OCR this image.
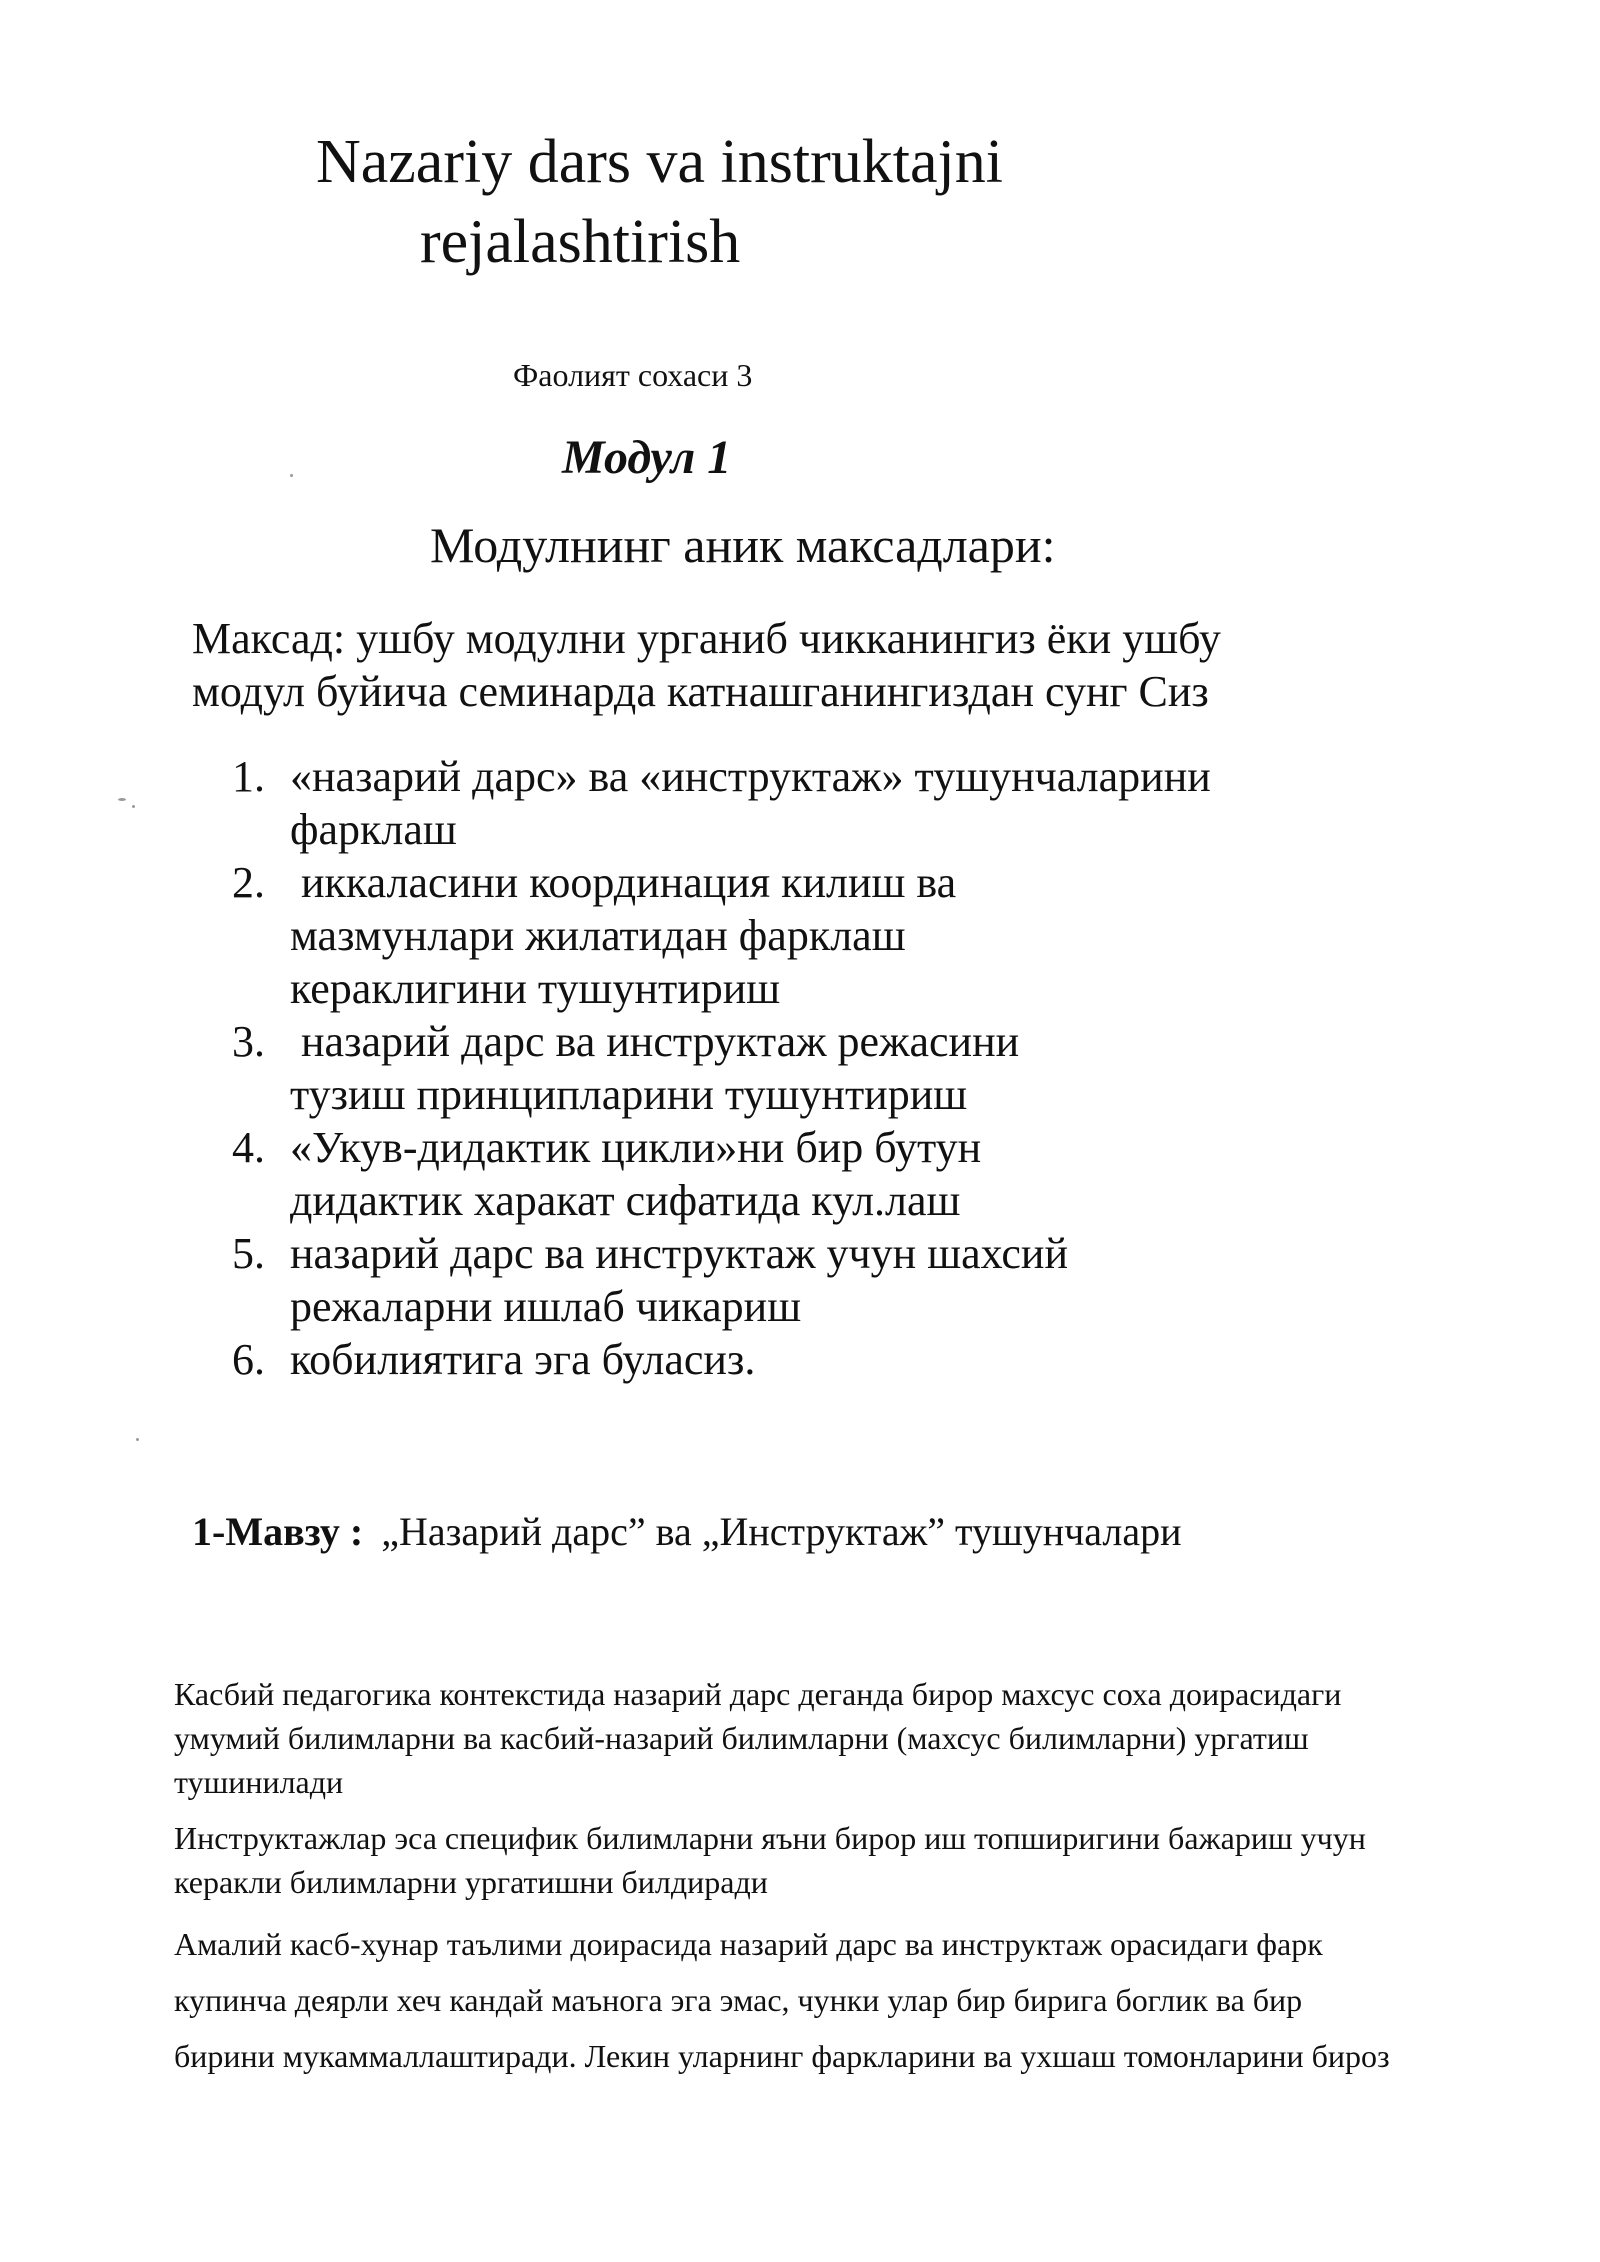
Nazariy dars va instruktajni
rejalashtirish
Фаолият сохаси 3
Модул 1
Модулнинг аник максадлари:
Максад: ушбу модулни урганиб чикканингиз ёки ушбу
модул буйича семинарда катнашганингиздан сунг Сиз
1. «назарий дарс» ва «инструктаж» тушунчаларини
фарклаш
2. иккаласини координация килиш ва
мазмунлари жилатидан фарклаш
кераклигини тушунтириш
3. назарий дарс ва инструктаж режасини
тузиш принципларини тушунтириш
4. «Укув-дидактик цикли»ни бир бутун
дидактик харакат сифатида кул.лаш
5. назарий дарс ва инструктаж учун шахсий
режаларни ишлаб чикариш
6. кобилиятига эга буласиз.
1-Мавзу : „Назарий дарс” ва „Инструктаж” тушунчалари
Касбий педагогика контекстида назарий дарс деганда бирор махсус соха доирасидаги
умумий билимларни ва касбий-назарий билимларни (махсус билимларни) ургатиш
тушинилади
Инструктажлар эса специфик билимларни яъни бирор иш топширигини бажариш учун
керакли билимларни ургатишни билдиради
Амалий касб-хунар таълими доирасида назарий дарс ва инструктаж орасидаги фарк
купинча деярли хеч кандай маънога эга эмас, чунки улар бир бирига боглик ва бир
бирини мукаммаллаштиради. Лекин уларнинг фаркларини ва ухшаш томонларини бироз
